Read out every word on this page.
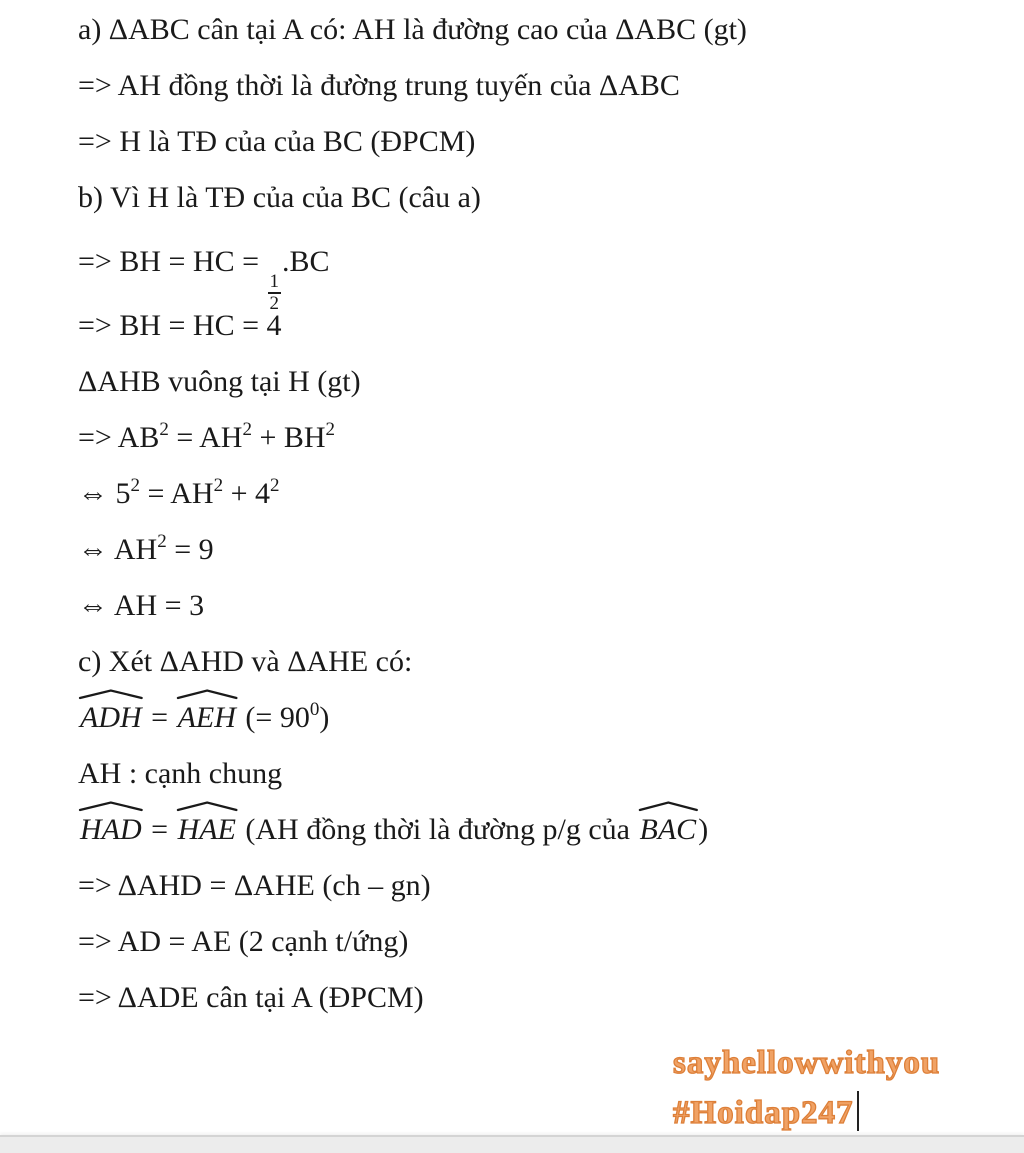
a) ΔABC cân tại A có: AH là đường cao của ΔABC (gt)
=> AH đồng thời là đường trung tuyến của ΔABC
=> H là TĐ của của BC (ĐPCM)
b) Vì H là TĐ của của BC (câu a)
=> BH = HC =
$\frac{1}{2}$
.BC
=> BH = HC = 4
ΔAHB vuông tại H (gt)
=> $AB^2 = AH^2 + BH^2$
⇔ $5^2 = AH^2 + 4^2$
⇔ $AH^2 = 9$
⇔ AH = 3
c) Xét ΔAHD và ΔAHE có:
ADH =
AEH (= $90^0$)
AH : cạnh chung
HAD =
HAE (AH đồng thời là đường p/g của
BAC)
=> ΔAHD = ΔAHE (ch – gn)
=> AD = AE (2 cạnh t/ứng)
=> ΔADE cân tại A (ĐPCM)
sayhellowwithyou
#Hoidap247
